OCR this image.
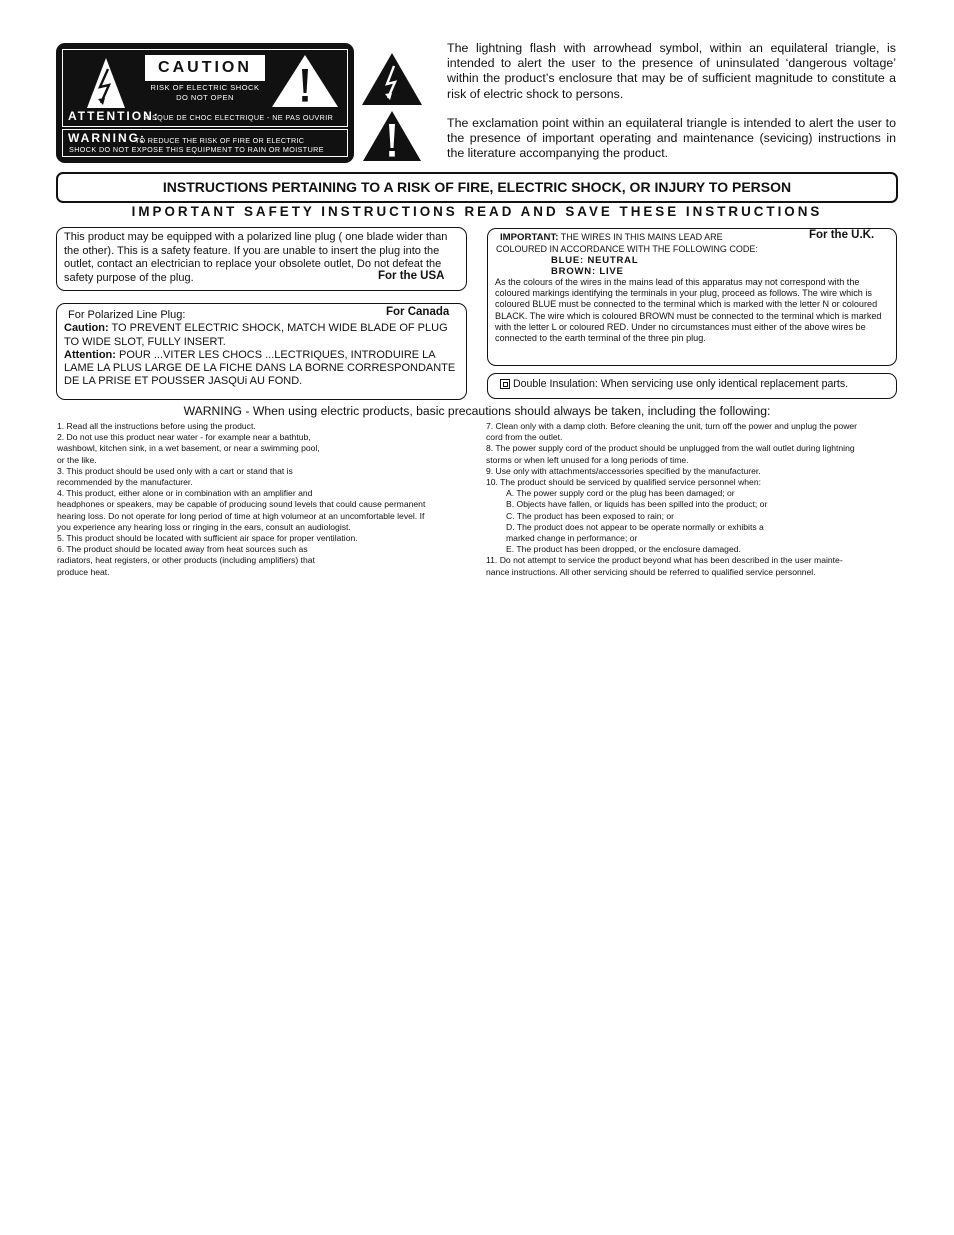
CAUTION
RISK OF ELECTRIC SHOCK
DO NOT OPEN
ATTENTION:
RISQUE DE CHOC ELECTRIQUE - NE PAS OUVRIR
WARNING:
TO REDUCE THE RISK OF FIRE OR ELECTRIC
SHOCK DO NOT EXPOSE THIS EQUIPMENT TO RAIN OR MOISTURE
The lightning flash with arrowhead symbol, within an equilateral triangle, is intended to alert the user to the presence of uninsulated ‘dangerous voltage’ within the product’s enclosure that may be of sufficient magnitude to constitute a risk of electric shock to persons.
The exclamation point within an equilateral triangle is intended to alert the user to the presence of important operating and maintenance (sevicing) instructions in the literature accompanying the product.
INSTRUCTIONS PERTAINING TO A RISK OF FIRE, ELECTRIC SHOCK, OR INJURY TO PERSON
IMPORTANT SAFETY INSTRUCTIONS READ AND SAVE THESE INSTRUCTIONS
This product may be equipped with a polarized line plug ( one blade wider than the other). This is a safety feature. If you are unable to insert the plug into the outlet, contact an electrician to replace your obsolete outlet, Do not defeat the safety purpose of the plug.	For the USA
For Canada
For Polarized Line Plug:
Caution: TO PREVENT ELECTRIC SHOCK, MATCH WIDE BLADE OF PLUG TO WIDE SLOT, FULLY INSERT.
Attention: POUR ...VITER LES CHOCS ...LECTRIQUES, INTRODUIRE LA LAME LA PLUS LARGE DE LA FICHE DANS LA BORNE CORRESPONDANTE DE LA PRISE ET POUSSER JASQUi AU FOND.
For the U.K.
IMPORTANT: THE WIRES IN THIS MAINS LEAD ARE
COLOURED IN ACCORDANCE WITH THE FOLLOWING CODE:
BLUE: NEUTRAL
BROWN: LIVE
As the colours of the wires in the mains lead of this apparatus may not correspond with the coloured markings identifying the terminals in your plug, proceed as follows. The wire which is coloured BLUE must be connected to the terminal which is marked with the letter N or coloured BLACK. The wire which is coloured BROWN must be connected to the terminal which is marked with the letter L or coloured RED. Under no circumstances must either of the above wires be connected to the earth terminal of the three pin plug.
Double Insulation: When servicing use only identical replacement parts.
WARNING - When using electric products, basic precautions should always be taken, including the following:
1. Read all the instructions before using the product.
2. Do not use this product near water - for example near a bathtub,
washbowl, kitchen sink, in a wet basement, or near a swimming pool,
or the like.
3. This product should be used only with a cart or stand that is
recommended by the manufacturer.
4. This product, either alone or in combination with an amplifier and
headphones or speakers, may be capable of producing sound levels that could cause permanent
hearing loss. Do not operate for long period of time at high volumeor at an uncomfortable level. If
you experience any hearing loss or ringing in the ears, consult an audiologist.
5. This product should be located with sufficient air space for proper ventilation.
6. The product should be located away from heat sources such as
radiators, heat registers, or other products (including amplifiers) that
produce heat.
7. Clean only with a damp cloth. Before cleaning the unit, turn off the power and unplug the power
cord from the outlet.
8. The power supply cord of the product should be unplugged from the wall outlet during lightning
storms or when left unused for a long periods of time.
9. Use only with attachments/accessories specified by the manufacturer.
10. The product should be serviced by qualified service personnel when:
A. The power supply cord or the plug has been damaged; or
B. Objects have fallen, or liquids has been spilled into the product; or
C. The product has been exposed to rain; or
D. The product does not appear to be operate normally or exhibits a
marked change in performance; or
E. The product has been dropped, or the enclosure damaged.
11. Do not attempt to service the product beyond what has been described in the user mainte-
nance instructions. All other servicing should be referred to qualified service personnel.
